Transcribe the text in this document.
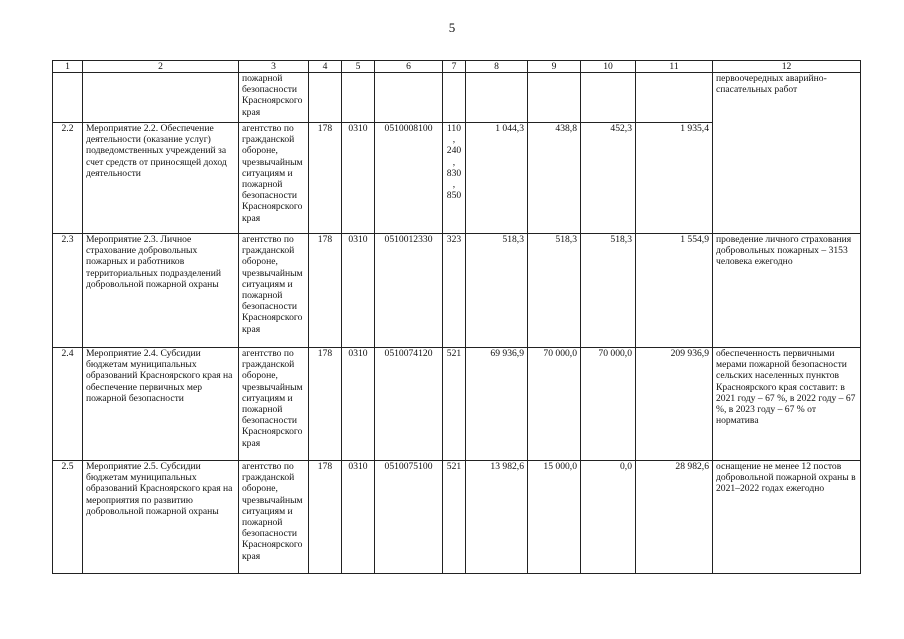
5
1	2	3	4	5	6	7	8	9	10	11	12
		пожарной безопасности Красноярского края									первоочередных аварийно-спасательных работ
2.2	Мероприятие 2.2. Обеспечение деятельности (оказание услуг) подведомственных учреждений за счет средств от приносящей доход деятельности	агентство по гражданской обороне, чрезвычайным ситуациям и пожарной безопасности Красноярского края	178	0310	0510008100	110, 240, 830, 850	1 044,3	438,8	452,3	1 935,4	
2.3	Мероприятие 2.3. Личное страхование добровольных пожарных и работников территориальных подразделений добровольной пожарной охраны	агентство по гражданской обороне, чрезвычайным ситуациям и пожарной безопасности Красноярского края	178	0310	0510012330	323	518,3	518,3	518,3	1 554,9	проведение личного страхования добровольных пожарных – 3153 человека ежегодно
2.4	Мероприятие 2.4. Субсидии бюджетам муниципальных образований Красноярского края на обеспечение первичных мер пожарной безопасности	агентство по гражданской обороне, чрезвычайным ситуациям и пожарной безопасности Красноярского края	178	0310	0510074120	521	69 936,9	70 000,0	70 000,0	209 936,9	обеспеченность первичными мерами пожарной безопасности сельских населенных пунктов Красноярского края составит: в 2021 году – 67 %, в 2022 году – 67 %, в 2023 году – 67 % от норматива
2.5	Мероприятие 2.5. Субсидии бюджетам муниципальных образований Красноярского края на мероприятия по развитию добровольной пожарной охраны	агентство по гражданской обороне, чрезвычайным ситуациям и пожарной безопасности Красноярского края	178	0310	0510075100	521	13 982,6	15 000,0	0,0	28 982,6	оснащение не менее 12 постов добровольной пожарной охраны в 2021–2022 годах ежегодно
